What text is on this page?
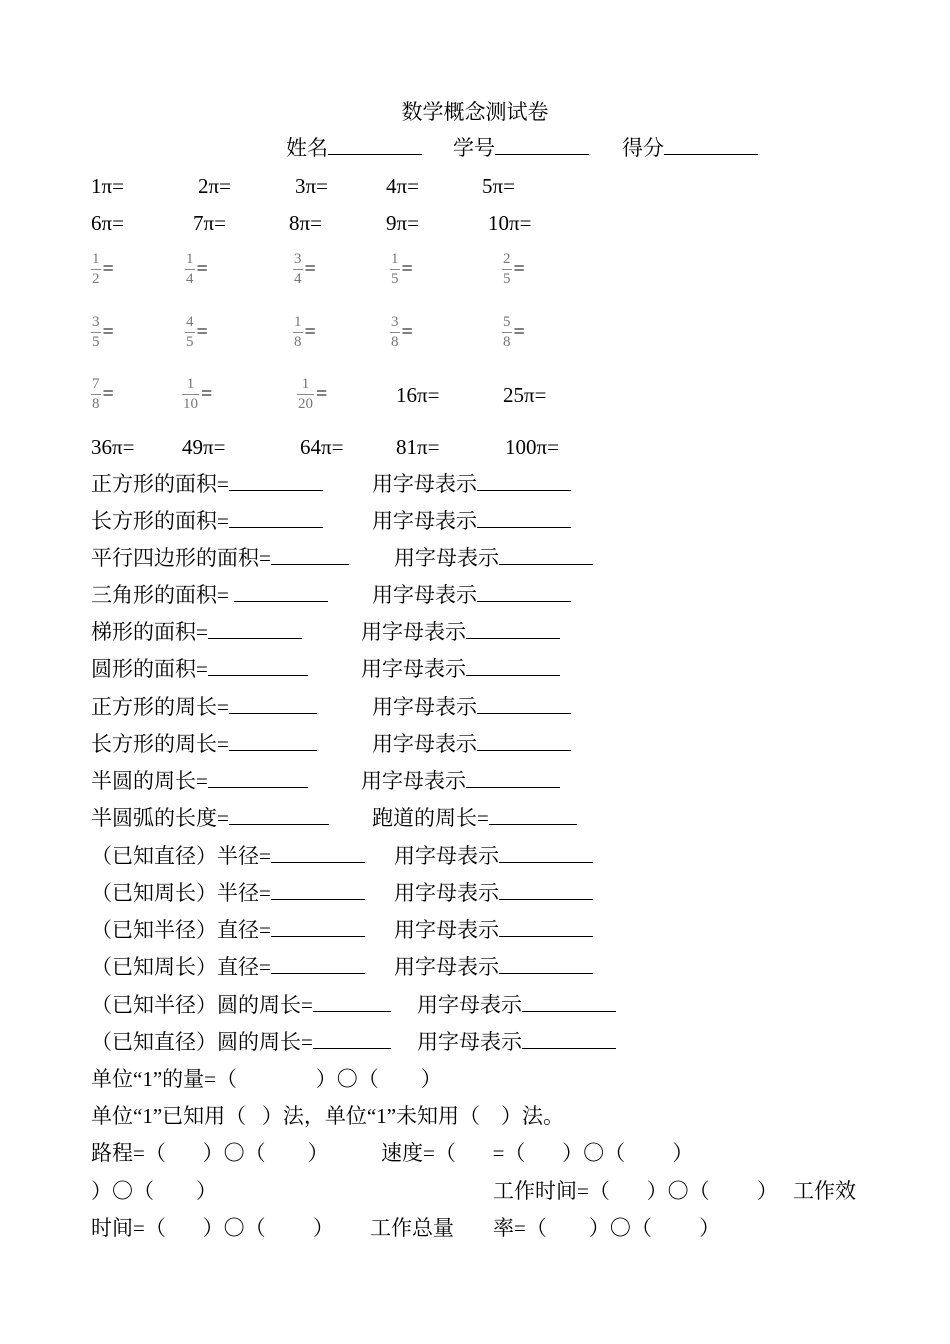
数学概念测试卷
姓名	学号	得分
1π=	2π=	3π=	4π=	5π=
6π=	7π=	8π=	9π=	10π=
$\frac{1}{2}$ =	$\frac{1}{4}$ =	$\frac{3}{4}$ =	$\frac{1}{5}$ =	$\frac{2}{5}$ =
$\frac{3}{5}$ =	$\frac{4}{5}$ =	$\frac{1}{8}$ =	$\frac{3}{8}$ =	$\frac{5}{8}$ =
$\frac{7}{8}$ =	$\frac{1}{10}$ =	$\frac{1}{20}$ =	16π=	25π=
36π= 49π=	64π=	81π=	100π=
正方形的面积=	用字母表示
长方形的面积=	用字母表示
平行四边形的面积=	用字母表示
三角形的面积=	用字母表示
梯形的面积=	用字母表示
圆形的面积=	用字母表示
正方形的周长=	用字母表示
长方形的周长=	用字母表示
半圆的周长=	用字母表示
半圆弧的长度=	跑道的周长=
（已知直径）半径=	用字母表示
（已知周长）半径=	用字母表示
（已知半径）直径=	用字母表示
（已知周长）直径=	用字母表示
（已知半径）圆的周长=	用字母表示
（已知直径）圆的周长=	用字母表示
单位“1”的量=（               ）〇（        ）
单位“1”已知用（   ）法，单位“1”未知用（    ）法。
路程=（       ）〇（        ） 速度=（       =（       ）〇（         ）
）〇（        ）	工作时间=（       ）〇（         ） 工作效
时间=（       ）〇（         ） 工作总量 率=（        ）〇（         ）
